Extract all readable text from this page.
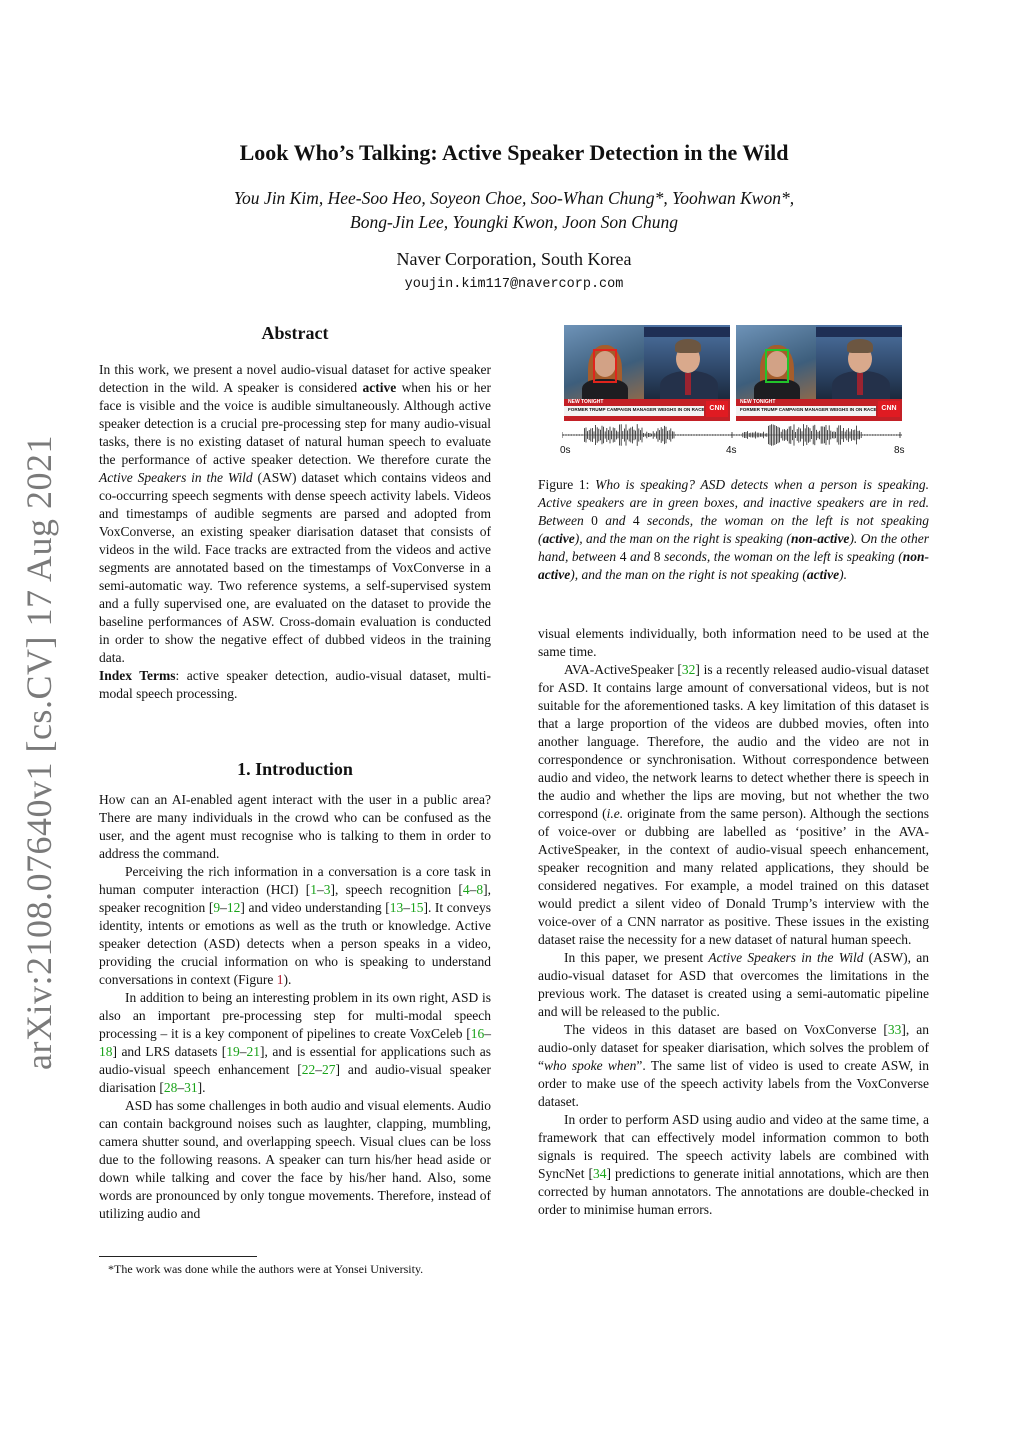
arXiv:2108.07640v1 [cs.CV] 17 Aug 2021
Look Who’s Talking: Active Speaker Detection in the Wild
You Jin Kim, Hee-Soo Heo, Soyeon Choe, Soo-Whan Chung*, Yoohwan Kwon*,
Bong-Jin Lee, Youngki Kwon, Joon Son Chung
Naver Corporation, South Korea
youjin.kim117@navercorp.com
Abstract

In this work, we present a novel audio-visual dataset for active speaker detection in the wild. A speaker is considered active when his or her face is visible and the voice is audible simultaneously. Although active speaker detection is a crucial pre-processing step for many audio-visual tasks, there is no existing dataset of natural human speech to evaluate the performance of active speaker detection. We therefore curate the Active Speakers in the Wild (ASW) dataset which contains videos and co-occurring speech segments with dense speech activity labels. Videos and timestamps of audible segments are parsed and adopted from VoxConverse, an existing speaker diarisation dataset that consists of videos in the wild. Face tracks are extracted from the videos and active segments are annotated based on the timestamps of VoxConverse in a semi-automatic way. Two reference systems, a self-supervised system and a fully supervised one, are evaluated on the dataset to provide the baseline performances of ASW. Cross-domain evaluation is conducted in order to show the negative effect of dubbed videos in the training data.

Index Terms: active speaker detection, audio-visual dataset, multi-modal speech processing.

1. Introduction

How can an AI-enabled agent interact with the user in a public area? There are many individuals in the crowd who can be confused as the user, and the agent must recognise who is talking to them in order to address the command.

Perceiving the rich information in a conversation is a core task in human computer interaction (HCI) [1–3], speech recognition [4–8], speaker recognition [9–12] and video understanding [13–15]. It conveys identity, intents or emotions as well as the truth or knowledge. Active speaker detection (ASD) detects when a person speaks in a video, providing the crucial information on who is speaking to understand conversations in context (Figure 1).

In addition to being an interesting problem in its own right, ASD is also an important pre-processing step for multi-modal speech processing – it is a key component of pipelines to create VoxCeleb [16–18] and LRS datasets [19–21], and is essential for applications such as audio-visual speech enhancement [22–27] and audio-visual speaker diarisation [28–31].

ASD has some challenges in both audio and visual elements. Audio can contain background noises such as laughter, clapping, mumbling, camera shutter sound, and overlapping speech. Visual clues can be loss due to the following reasons. A speaker can turn his/her head aside or down while talking and cover the face by his/her hand. Also, some words are pronounced by only tongue movements. Therefore, instead of utilizing audio and

*The work was done while the authors were at Yonsei University.
NEW TONIGHT
FORMER TRUMP CAMPAIGN MANAGER WEIGHS IN ON RACE CNN
NEW TONIGHT
FORMER TRUMP CAMPAIGN MANAGER WEIGHS IN ON RACE CNN
0s	4s	8s
Figure 1: Who is speaking? ASD detects when a person is speaking. Active speakers are in green boxes, and inactive speakers are in red. Between 0 and 4 seconds, the woman on the left is not speaking (active), and the man on the right is speaking (non-active). On the other hand, between 4 and 8 seconds, the woman on the left is speaking (non-active), and the man on the right is not speaking (active).

visual elements individually, both information need to be used at the same time.

AVA-ActiveSpeaker [32] is a recently released audio-visual dataset for ASD. It contains large amount of conversational videos, but is not suitable for the aforementioned tasks. A key limitation of this dataset is that a large proportion of the videos are dubbed movies, often into another language. Therefore, the audio and the video are not in correspondence or synchronisation. Without correspondence between audio and video, the network learns to detect whether there is speech in the audio and whether the lips are moving, but not whether the two correspond (i.e. originate from the same person). Although the sections of voice-over or dubbing are labelled as ‘positive’ in the AVA-ActiveSpeaker, in the context of audio-visual speech enhancement, speaker recognition and many related applications, they should be considered negatives. For example, a model trained on this dataset would predict a silent video of Donald Trump’s interview with the voice-over of a CNN narrator as positive. These issues in the existing dataset raise the necessity for a new dataset of natural human speech.

In this paper, we present Active Speakers in the Wild (ASW), an audio-visual dataset for ASD that overcomes the limitations in the previous work. The dataset is created using a semi-automatic pipeline and will be released to the public.

The videos in this dataset are based on VoxConverse [33], an audio-only dataset for speaker diarisation, which solves the problem of “who spoke when”. The same list of video is used to create ASW, in order to make use of the speech activity labels from the VoxConverse dataset.

In order to perform ASD using audio and video at the same time, a framework that can effectively model information common to both signals is required. The speech activity labels are combined with SyncNet [34] predictions to generate initial annotations, which are then corrected by human annotators. The annotations are double-checked in order to minimise human errors.
